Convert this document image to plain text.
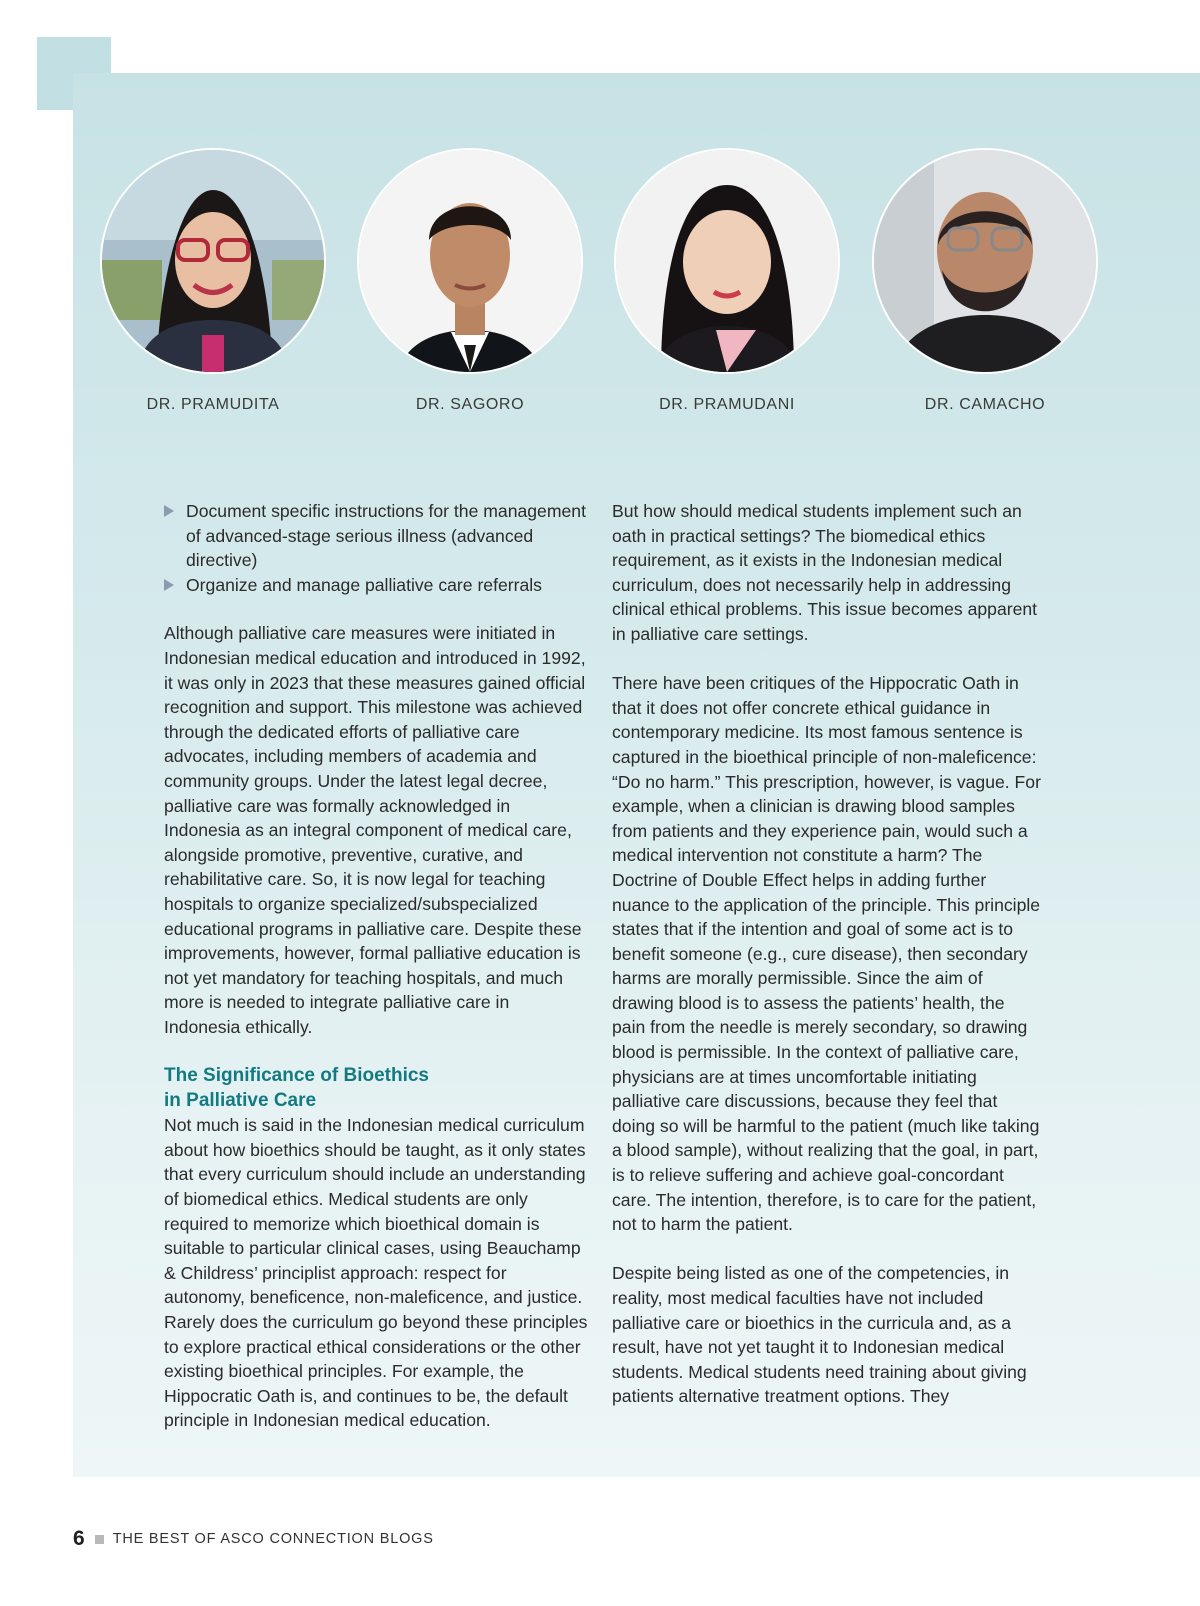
DR. PRAMUDITA	DR. SAGORO	DR. PRAMUDANI	DR. CAMACHO
Document specific instructions for the management of advanced-stage serious illness (advanced directive)
Organize and manage palliative care referrals

Although palliative care measures were initiated in Indonesian medical education and introduced in 1992, it was only in 2023 that these measures gained official recognition and support. This milestone was achieved through the dedicated efforts of palliative care advocates, including members of academia and community groups. Under the latest legal decree, palliative care was formally acknowledged in Indonesia as an integral component of medical care, alongside promotive, preventive, curative, and rehabilitative care. So, it is now legal for teaching hospitals to organize specialized/subspecialized educational programs in palliative care. Despite these improvements, however, formal palliative education is not yet mandatory for teaching hospitals, and much more is needed to integrate palliative care in Indonesia ethically.

The Significance of Bioethics
in Palliative Care

Not much is said in the Indonesian medical curriculum about how bioethics should be taught, as it only states that every curriculum should include an understanding of biomedical ethics. Medical students are only required to memorize which bioethical domain is suitable to particular clinical cases, using Beauchamp & Childress’ principlist approach: respect for autonomy, beneficence, non-maleficence, and justice. Rarely does the curriculum go beyond these principles to explore practical ethical considerations or the other existing bioethical principles. For example, the Hippocratic Oath is, and continues to be, the default principle in Indonesian medical education.

But how should medical students implement such an oath in practical settings? The biomedical ethics requirement, as it exists in the Indonesian medical curriculum, does not necessarily help in addressing clinical ethical problems. This issue becomes apparent in palliative care settings.

There have been critiques of the Hippocratic Oath in that it does not offer concrete ethical guidance in contemporary medicine. Its most famous sentence is captured in the bioethical principle of non-maleficence: “Do no harm.” This prescription, however, is vague. For example, when a clinician is drawing blood samples from patients and they experience pain, would such a medical intervention not constitute a harm? The Doctrine of Double Effect helps in adding further nuance to the application of the principle. This principle states that if the intention and goal of some act is to benefit someone (e.g., cure disease), then secondary harms are morally permissible. Since the aim of drawing blood is to assess the patients’ health, the pain from the needle is merely secondary, so drawing blood is permissible. In the context of palliative care, physicians are at times uncomfortable initiating palliative care discussions, because they feel that doing so will be harmful to the patient (much like taking a blood sample), without realizing that the goal, in part, is to relieve suffering and achieve goal-concordant care. The intention, therefore, is to care for the patient, not to harm the patient.

Despite being listed as one of the competencies, in reality, most medical faculties have not included palliative care or bioethics in the curricula and, as a result, have not yet taught it to Indonesian medical students. Medical students need training about giving patients alternative treatment options. They

6 THE BEST OF ASCO CONNECTION BLOGS
